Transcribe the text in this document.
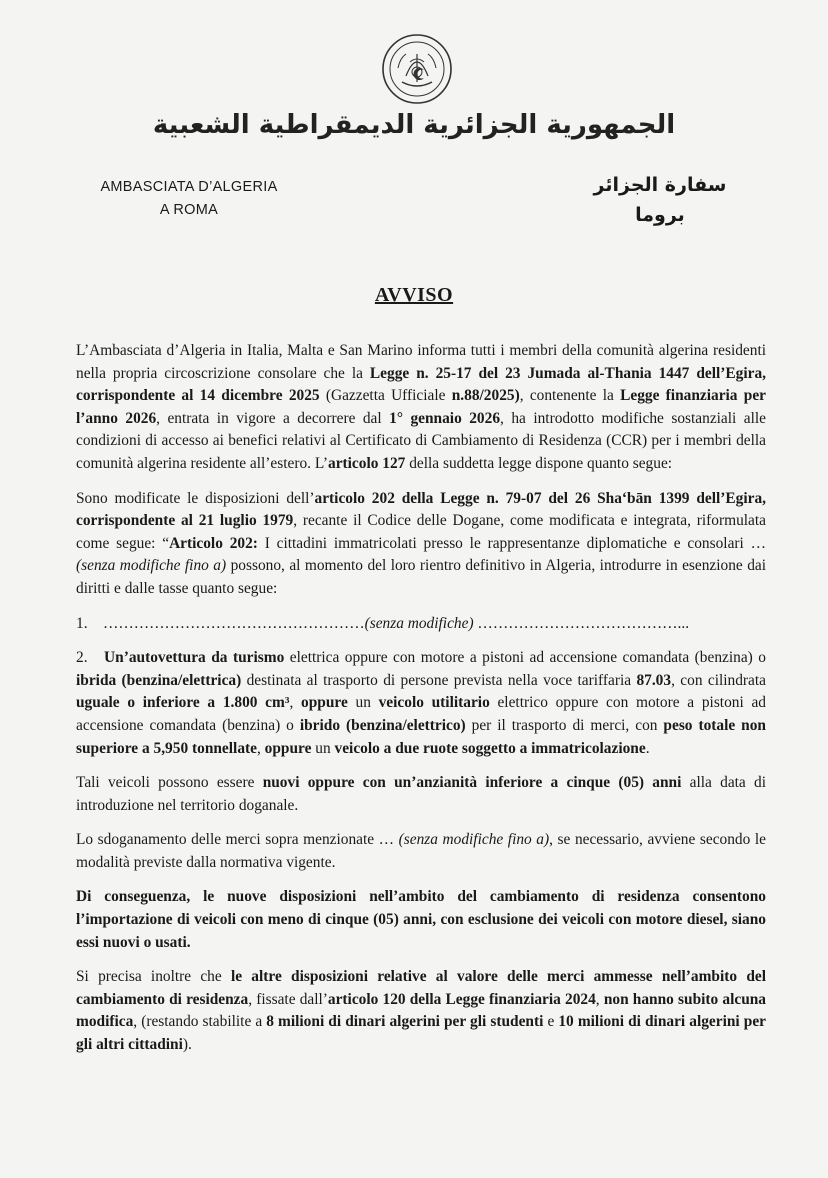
الجمهورية الجزائرية الديمقراطية الشعبية
AMBASCIATA D’ALGERIA
A ROMA
سفارة الجزائر
بروما
AVVISO

L’Ambasciata d’Algeria in Italia, Malta e San Marino informa tutti i membri della comunità algerina residenti nella propria circoscrizione consolare che la Legge n. 25-17 del 23 Jumada al-Thania 1447 dell’Egira, corrispondente al 14 dicembre 2025 (Gazzetta Ufficiale n.88/2025), contenente la Legge finanziaria per l’anno 2026, entrata in vigore a decorrere dal 1° gennaio 2026, ha introdotto modifiche sostanziali alle condizioni di accesso ai benefici relativi al Certificato di Cambiamento di Residenza (CCR) per i membri della comunità algerina residente all’estero. L’articolo 127 della suddetta legge dispone quanto segue:

Sono modificate le disposizioni dell’articolo 202 della Legge n. 79-07 del 26 Sha‘bān 1399 dell’Egira, corrispondente al 21 luglio 1979, recante il Codice delle Dogane, come modificata e integrata, riformulata come segue: “Articolo 202: I cittadini immatricolati presso le rappresentanze diplomatiche e consolari … (senza modifiche fino a) possono, al momento del loro rientro definitivo in Algeria, introdurre in esenzione dai diritti e dalle tasse quanto segue:

1. ……………………………………………(senza modifiche) …………………………………...

2. Un’autovettura da turismo elettrica oppure con motore a pistoni ad accensione comandata (benzina) o ibrida (benzina/elettrica) destinata al trasporto di persone prevista nella voce tariffaria 87.03, con cilindrata uguale o inferiore a 1.800 cm³, oppure un veicolo utilitario elettrico oppure con motore a pistoni ad accensione comandata (benzina) o ibrido (benzina/elettrico) per il trasporto di merci, con peso totale non superiore a 5,950 tonnellate, oppure un veicolo a due ruote soggetto a immatricolazione.

Tali veicoli possono essere nuovi oppure con un’anzianità inferiore a cinque (05) anni alla data di introduzione nel territorio doganale.

Lo sdoganamento delle merci sopra menzionate … (senza modifiche fino a), se necessario, avviene secondo le modalità previste dalla normativa vigente.

Di conseguenza, le nuove disposizioni nell’ambito del cambiamento di residenza consentono l’importazione di veicoli con meno di cinque (05) anni, con esclusione dei veicoli con motore diesel, siano essi nuovi o usati.

Si precisa inoltre che le altre disposizioni relative al valore delle merci ammesse nell’ambito del cambiamento di residenza, fissate dall’articolo 120 della Legge finanziaria 2024, non hanno subito alcuna modifica, (restando stabilite a 8 milioni di dinari algerini per gli studenti e 10 milioni di dinari algerini per gli altri cittadini).
